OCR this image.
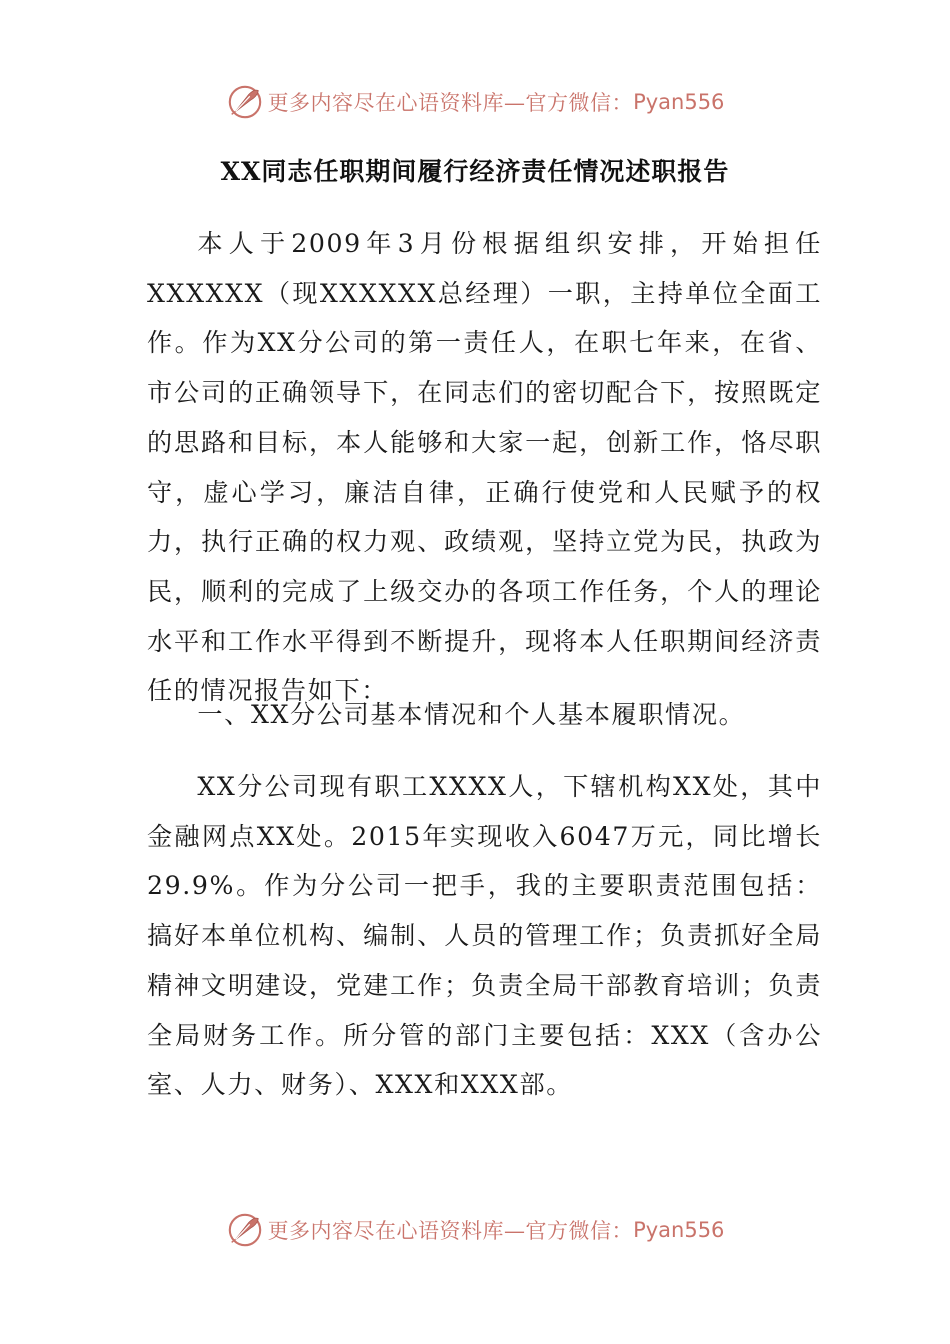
更多内容尽在心语资料库—官方微信： Pyan556
XX同志任职期间履行经济责任情况述职报告

本人于2009年3月份根据组织安排，开始担任XXXXXX（现XXXXXX总经理）一职，主持单位全面工作。作为XX分公司的第一责任人，在职七年来，在省、市公司的正确领导下，在同志们的密切配合下，按照既定的思路和目标，本人能够和大家一起，创新工作，恪尽职守，虚心学习，廉洁自律，正确行使党和人民赋予的权力，执行正确的权力观、政绩观，坚持立党为民，执政为民，顺利的完成了上级交办的各项工作任务，个人的理论水平和工作水平得到不断提升，现将本人任职期间经济责任的情况报告如下：

一、XX分公司基本情况和个人基本履职情况。

XX分公司现有职工XXXX人，下辖机构XX处，其中金融网点XX处。2015年实现收入6047万元，同比增长29.9%。作为分公司一把手，我的主要职责范围包括：搞好本单位机构、编制、人员的管理工作；负责抓好全局精神文明建设，党建工作；负责全局干部教育培训；负责全局财务工作。所分管的部门主要包括：XXX（含办公室、人力、财务）、XXX和XXX部。

更多内容尽在心语资料库—官方微信： Pyan556
